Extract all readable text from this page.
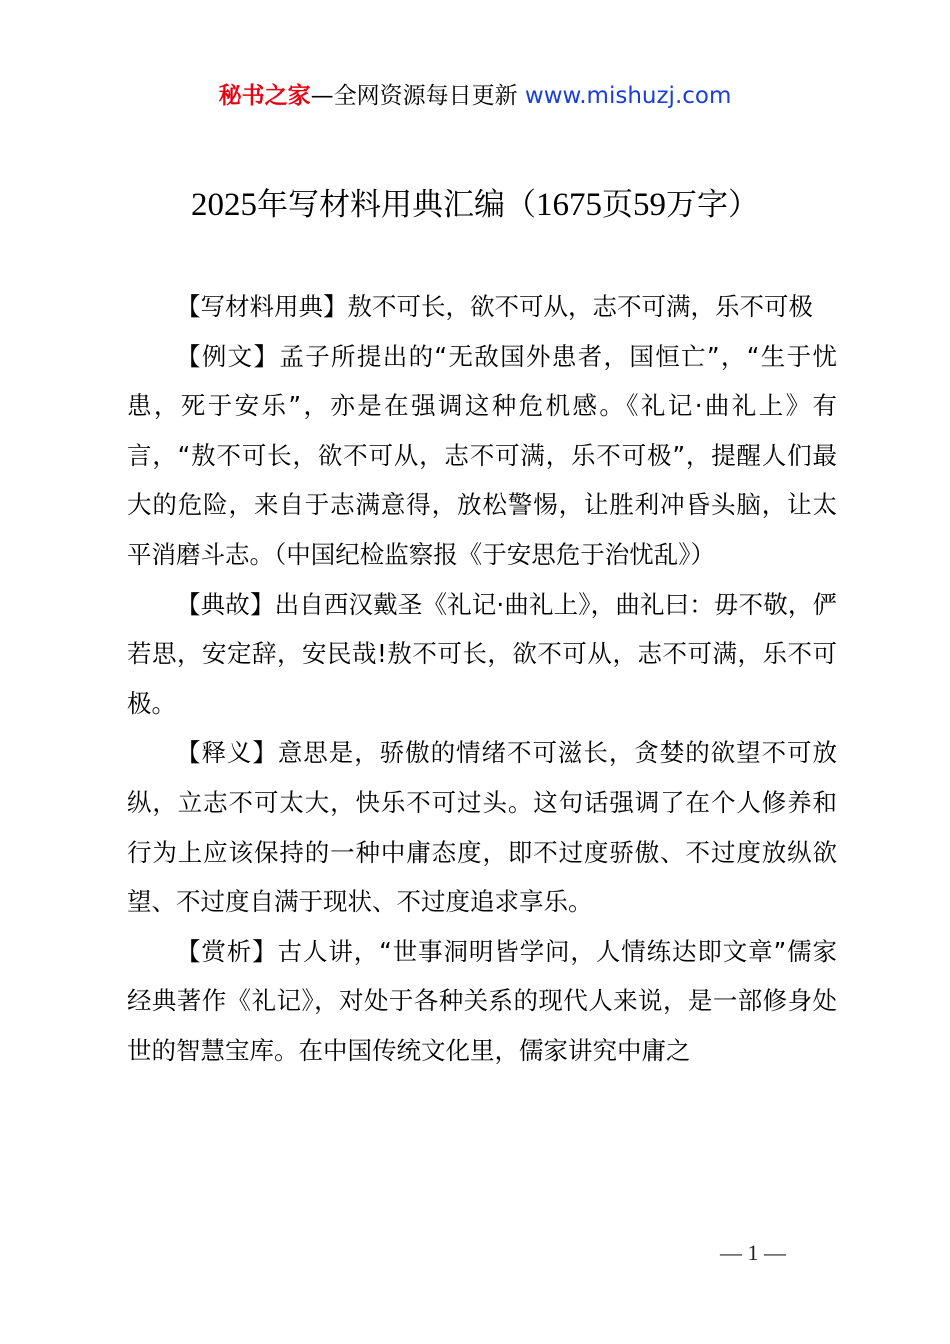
秘书之家—全网资源每日更新 www.mishuzj.com
2025年写材料用典汇编（1675页59万字）

【写材料用典】敖不可长，欲不可从，志不可满，乐不可极

【例文】孟子所提出的“无敌国外患者，国恒亡”，“生于忧患，死于安乐”，亦是在强调这种危机感。《礼记·曲礼上》有言，“敖不可长，欲不可从，志不可满，乐不可极”，提醒人们最大的危险，来自于志满意得，放松警惕，让胜利冲昏头脑，让太平消磨斗志。（中国纪检监察报《于安思危于治忧乱》）

【典故】出自西汉戴圣《礼记·曲礼上》，曲礼曰：毋不敬，俨若思，安定辞，安民哉!敖不可长，欲不可从，志不可满，乐不可极。

【释义】意思是，骄傲的情绪不可滋长，贪婪的欲望不可放纵，立志不可太大，快乐不可过头。这句话强调了在个人修养和行为上应该保持的一种中庸态度，即不过度骄傲、不过度放纵欲望、不过度自满于现状、不过度追求享乐。

【赏析】古人讲，“世事洞明皆学问，人情练达即文章”儒家经典著作《礼记》，对处于各种关系的现代人来说，是一部修身处世的智慧宝库。在中国传统文化里，儒家讲究中庸之

— 1 —
